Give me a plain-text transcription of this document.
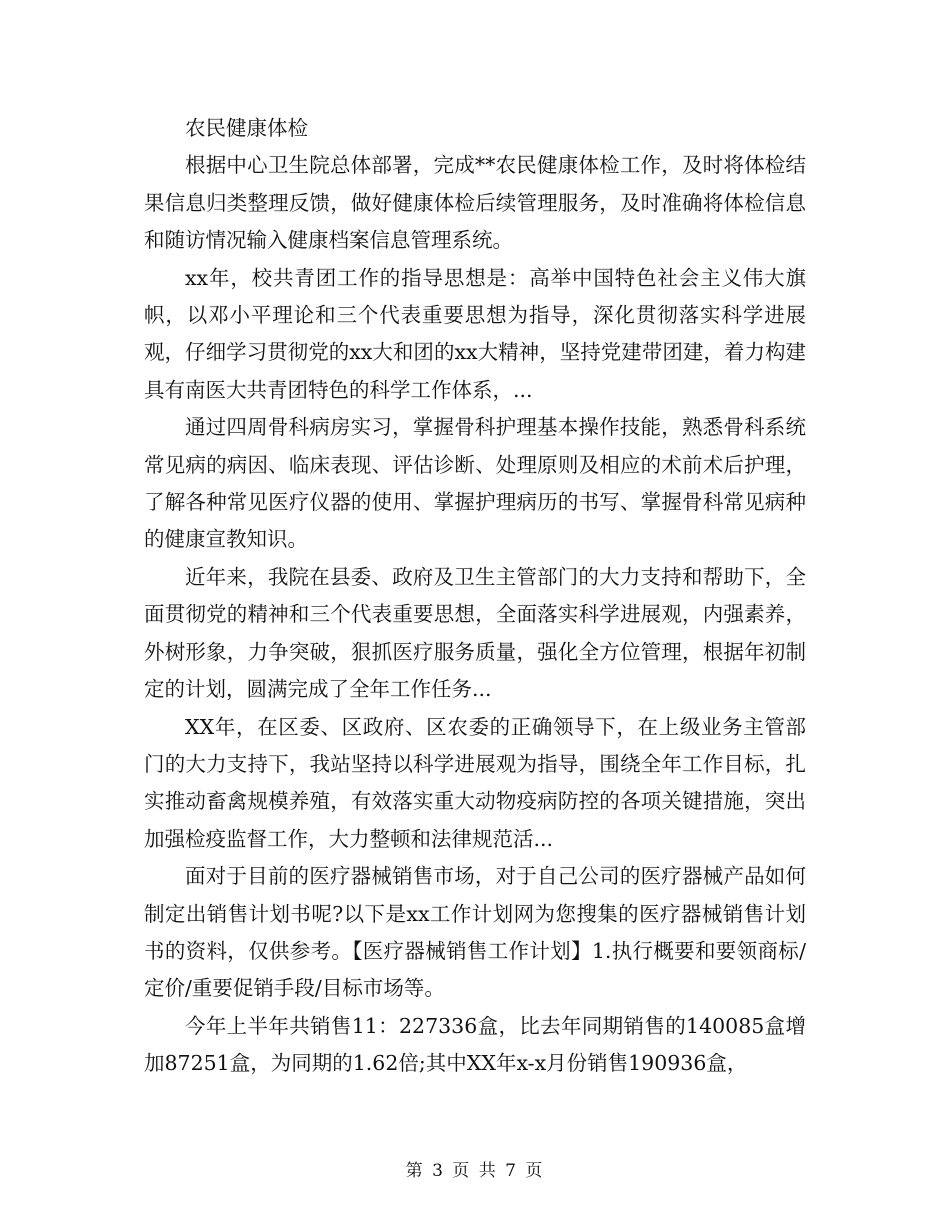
农民健康体检

根据中心卫生院总体部署，完成**农民健康体检工作，及时将体检结果信息归类整理反馈，做好健康体检后续管理服务，及时准确将体检信息和随访情况输入健康档案信息管理系统。

xx年，校共青团工作的指导思想是：高举中国特色社会主义伟大旗帜，以邓小平理论和三个代表重要思想为指导，深化贯彻落实科学进展观，仔细学习贯彻党的xx大和团的xx大精神，坚持党建带团建，着力构建具有南医大共青团特色的科学工作体系，...

通过四周骨科病房实习，掌握骨科护理基本操作技能，熟悉骨科系统常见病的病因、临床表现、评估诊断、处理原则及相应的术前术后护理，了解各种常见医疗仪器的使用、掌握护理病历的书写、掌握骨科常见病种的健康宣教知识。

近年来，我院在县委、政府及卫生主管部门的大力支持和帮助下，全面贯彻党的精神和三个代表重要思想，全面落实科学进展观，内强素养，外树形象，力争突破，狠抓医疗服务质量，强化全方位管理，根据年初制定的计划，圆满完成了全年工作任务...

XX年，在区委、区政府、区农委的正确领导下，在上级业务主管部门的大力支持下，我站坚持以科学进展观为指导，围绕全年工作目标，扎实推动畜禽规模养殖，有效落实重大动物疫病防控的各项关键措施，突出加强检疫监督工作，大力整顿和法律规范活...

面对于目前的医疗器械销售市场，对于自己公司的医疗器械产品如何制定出销售计划书呢?以下是xx工作计划网为您搜集的医疗器械销售计划书的资料，仅供参考。【医疗器械销售工作计划】1.执行概要和要领商标/定价/重要促销手段/目标市场等。

今年上半年共销售11：227336盒，比去年同期销售的140085盒增加87251盒，为同期的1.62倍;其中XX年x-x月份销售190936盒，

第 3 页 共 7 页
